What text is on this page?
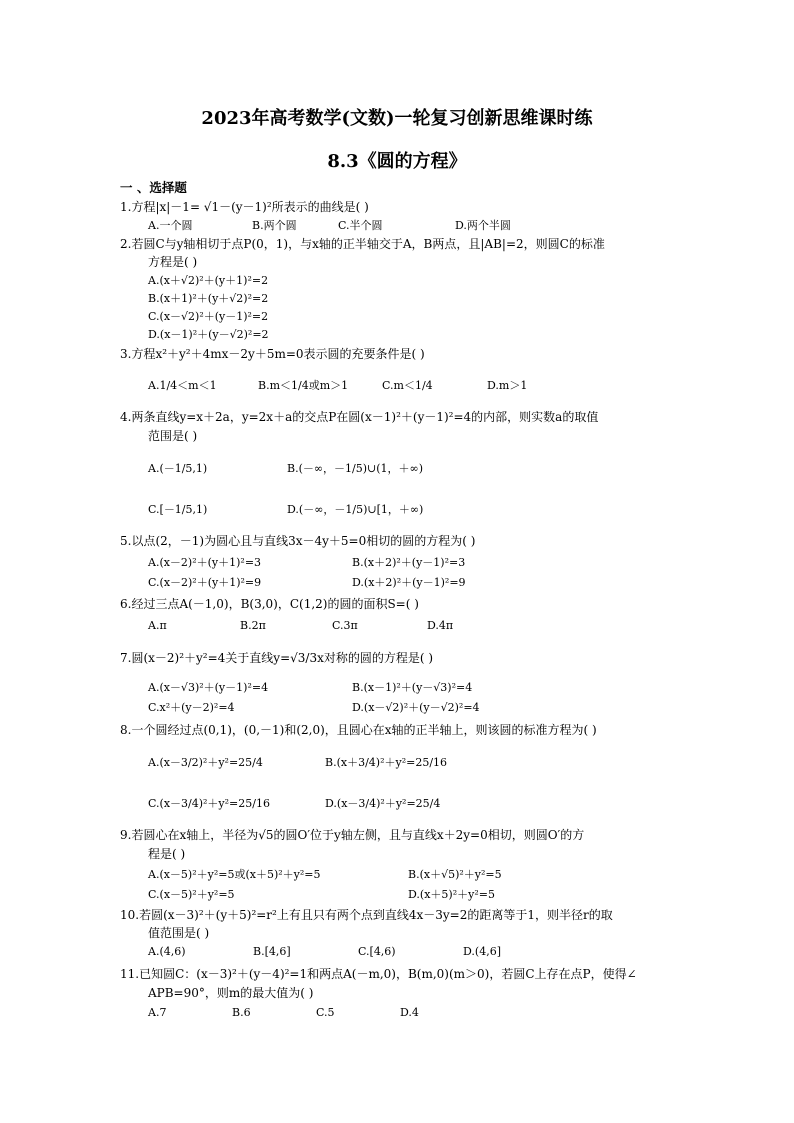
2023年高考数学(文数)一轮复习创新思维课时练
8.3《圆的方程》
一 、选择题
1.方程|x|－1= √1－(y－1)²所表示的曲线是( )
A.一个圆	B.两个圆	C.半个圆	D.两个半圆
2.若圆C与y轴相切于点P(0，1)，与x轴的正半轴交于A，B两点，且|AB|=2，则圆C的标准
方程是( )
A.(x＋√2)²＋(y＋1)²=2
B.(x＋1)²＋(y＋√2)²=2
C.(x－√2)²＋(y－1)²=2
D.(x－1)²＋(y－√2)²=2
3.方程x²＋y²＋4mx－2y＋5m=0表示圆的充要条件是( )
A.1/4＜m＜1	B.m＜1/4或m＞1	C.m＜1/4	D.m＞1
4.两条直线y=x＋2a，y=2x＋a的交点P在圆(x－1)²＋(y－1)²=4的内部，则实数a的取值
范围是( )
A.(－1/5,1)	B.(－∞，－1/5)∪(1，＋∞)
C.[－1/5,1)	D.(－∞，－1/5)∪[1，＋∞)
5.以点(2，－1)为圆心且与直线3x－4y＋5=0相切的圆的方程为( )
A.(x－2)²＋(y＋1)²=3	B.(x＋2)²＋(y－1)²=3
C.(x－2)²＋(y＋1)²=9	D.(x＋2)²＋(y－1)²=9
6.经过三点A(－1,0)，B(3,0)，C(1,2)的圆的面积S=( )
A.π	B.2π	C.3π	D.4π
7.圆(x－2)²＋y²=4关于直线y=√3/3x对称的圆的方程是( )
A.(x－√3)²＋(y－1)²=4	B.(x－1)²＋(y－√3)²=4
C.x²＋(y－2)²=4	D.(x－√2)²＋(y－√2)²=4
8.一个圆经过点(0,1)，(0,－1)和(2,0)，且圆心在x轴的正半轴上，则该圆的标准方程为( )
A.(x－3/2)²＋y²=25/4	B.(x＋3/4)²＋y²=25/16
C.(x－3/4)²＋y²=25/16	D.(x－3/4)²＋y²=25/4
9.若圆心在x轴上，半径为√5的圆O′位于y轴左侧，且与直线x＋2y=0相切，则圆O′的方
程是( )
A.(x－5)²＋y²=5或(x＋5)²＋y²=5	B.(x＋√5)²＋y²=5
C.(x－5)²＋y²=5	D.(x＋5)²＋y²=5
10.若圆(x－3)²＋(y＋5)²=r²上有且只有两个点到直线4x－3y=2的距离等于1，则半径r的取
值范围是( )
A.(4,6)	B.[4,6]	C.[4,6)	D.(4,6]
11.已知圆C：(x－3)²＋(y－4)²=1和两点A(－m,0)，B(m,0)(m＞0)，若圆C上存在点P，使得∠
APB=90°，则m的最大值为( )
A.7	B.6	C.5	D.4
